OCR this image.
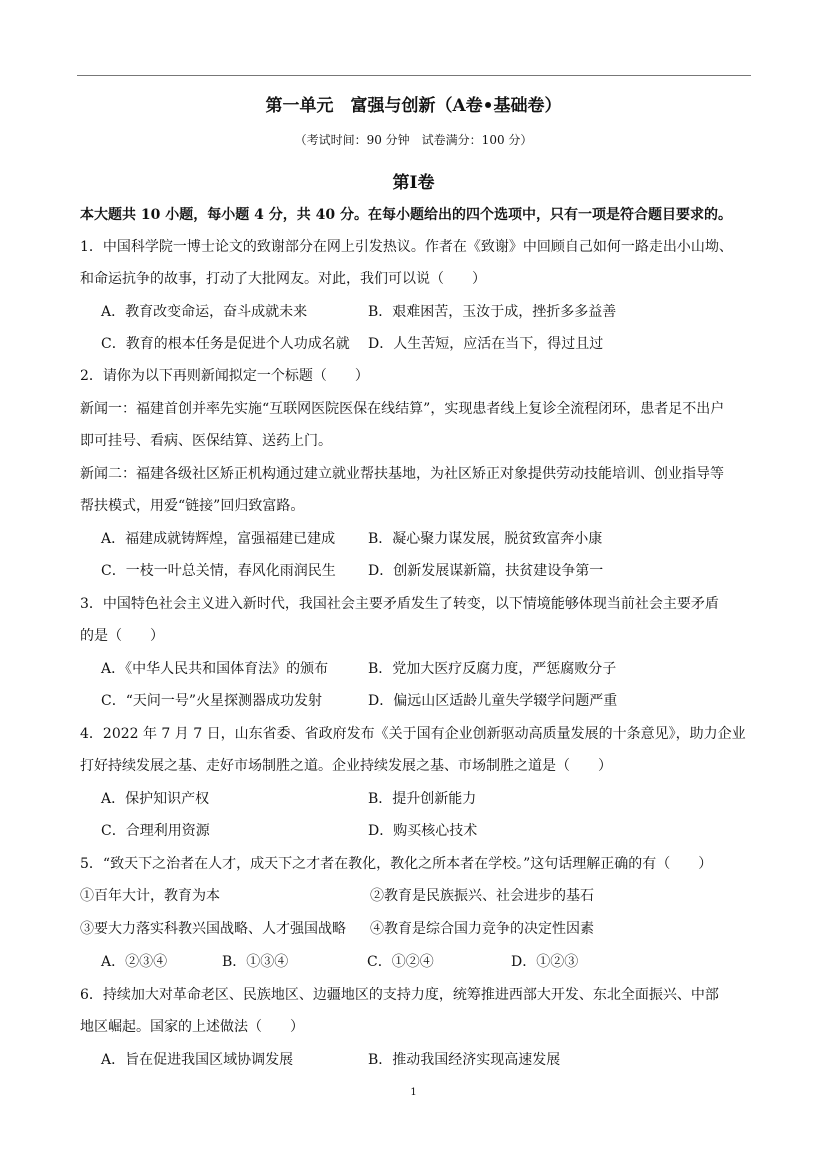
第一单元　富强与创新（A卷•基础卷）
（考试时间：90 分钟　试卷满分：100 分）
第Ⅰ卷
本大题共 10 小题，每小题 4 分，共 40 分。在每小题给出的四个选项中，只有一项是符合题目要求的。
1．中国科学院一博士论文的致谢部分在网上引发热议。作者在《致谢》中回顾自己如何一路走出小山坳、
和命运抗争的故事，打动了大批网友。对此，我们可以说（　　）
A．教育改变命运，奋斗成就未来	B．艰难困苦，玉汝于成，挫折多多益善
C．教育的根本任务是促进个人功成名就 D．人生苦短，应活在当下，得过且过
2．请你为以下再则新闻拟定一个标题（　　）
新闻一：福建首创并率先实施“互联网医院医保在线结算”，实现患者线上复诊全流程闭环，患者足不出户
即可挂号、看病、医保结算、送药上门。
新闻二：福建各级社区矫正机构通过建立就业帮扶基地，为社区矫正对象提供劳动技能培训、创业指导等
帮扶模式，用爱“链接”回归致富路。
A．福建成就铸辉煌，富强福建已建成 B．凝心聚力谋发展，脱贫致富奔小康
C．一枝一叶总关情，春风化雨润民生 D．创新发展谋新篇，扶贫建设争第一
3．中国特色社会主义进入新时代，我国社会主要矛盾发生了转变，以下情境能够体现当前社会主要矛盾
的是（　　）
A．《中华人民共和国体育法》的颁布	B．党加大医疗反腐力度，严惩腐败分子
C．“天问一号”火星探测器成功发射	D．偏远山区适龄儿童失学辍学问题严重
4．2022 年 7 月 7 日，山东省委、省政府发布《关于国有企业创新驱动高质量发展的十条意见》，助力企业
打好持续发展之基、走好市场制胜之道。企业持续发展之基、市场制胜之道是（　　）
A．保护知识产权	B．提升创新能力
C．合理利用资源	D．购买核心技术
5．“致天下之治者在人才，成天下之才者在教化，教化之所本者在学校。”这句话理解正确的有（　　）
①百年大计，教育为本	②教育是民族振兴、社会进步的基石
③要大力落实科教兴国战略、人才强国战略 ④教育是综合国力竞争的决定性因素
A．②③④	B．①③④	C．①②④	D．①②③
6．持续加大对革命老区、民族地区、边疆地区的支持力度，统筹推进西部大开发、东北全面振兴、中部
地区崛起。国家的上述做法（　　）
A．旨在促进我国区域协调发展	B．推动我国经济实现高速发展
1
